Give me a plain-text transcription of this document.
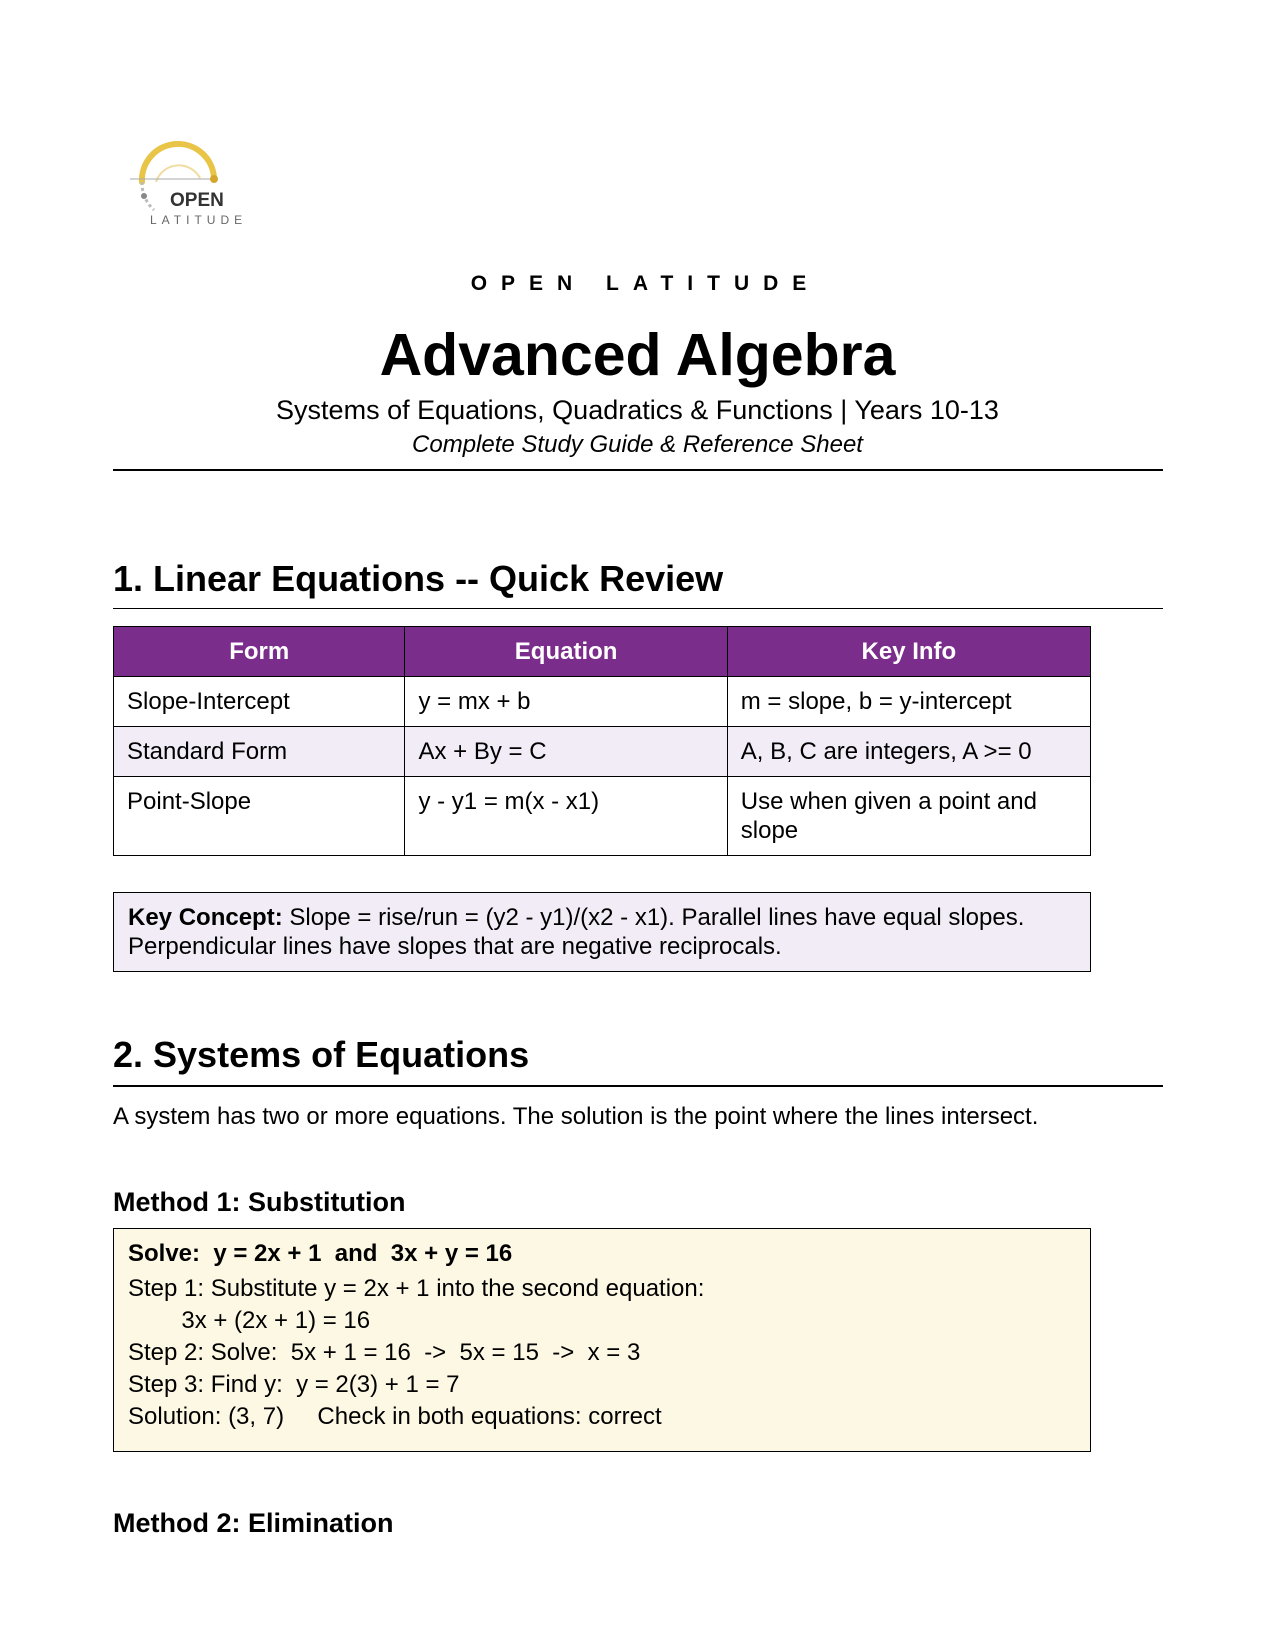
OPEN
LATITUDE
OPEN LATITUDE
Advanced Algebra
Systems of Equations, Quadratics & Functions | Years 10-13
Complete Study Guide & Reference Sheet
1. Linear Equations -- Quick Review
Form	Equation	Key Info
Slope-Intercept	y = mx + b	m = slope, b = y-intercept
Standard Form	Ax + By = C	A, B, C are integers, A >= 0
Point-Slope	y - y1 = m(x - x1)	Use when given a point and slope
Key Concept: Slope = rise/run = (y2 - y1)/(x2 - x1). Parallel lines have equal slopes. Perpendicular lines have slopes that are negative reciprocals.
2. Systems of Equations
A system has two or more equations. The solution is the point where the lines intersect.
Method 1: Substitution
Solve:  y = 2x + 1  and  3x + y = 16
Step 1: Substitute y = 2x + 1 into the second equation:
3x + (2x + 1) = 16
Step 2: Solve:  5x + 1 = 16  ->  5x = 15  ->  x = 3
Step 3: Find y:  y = 2(3) + 1 = 7
Solution: (3, 7)     Check in both equations: correct
Method 2: Elimination
